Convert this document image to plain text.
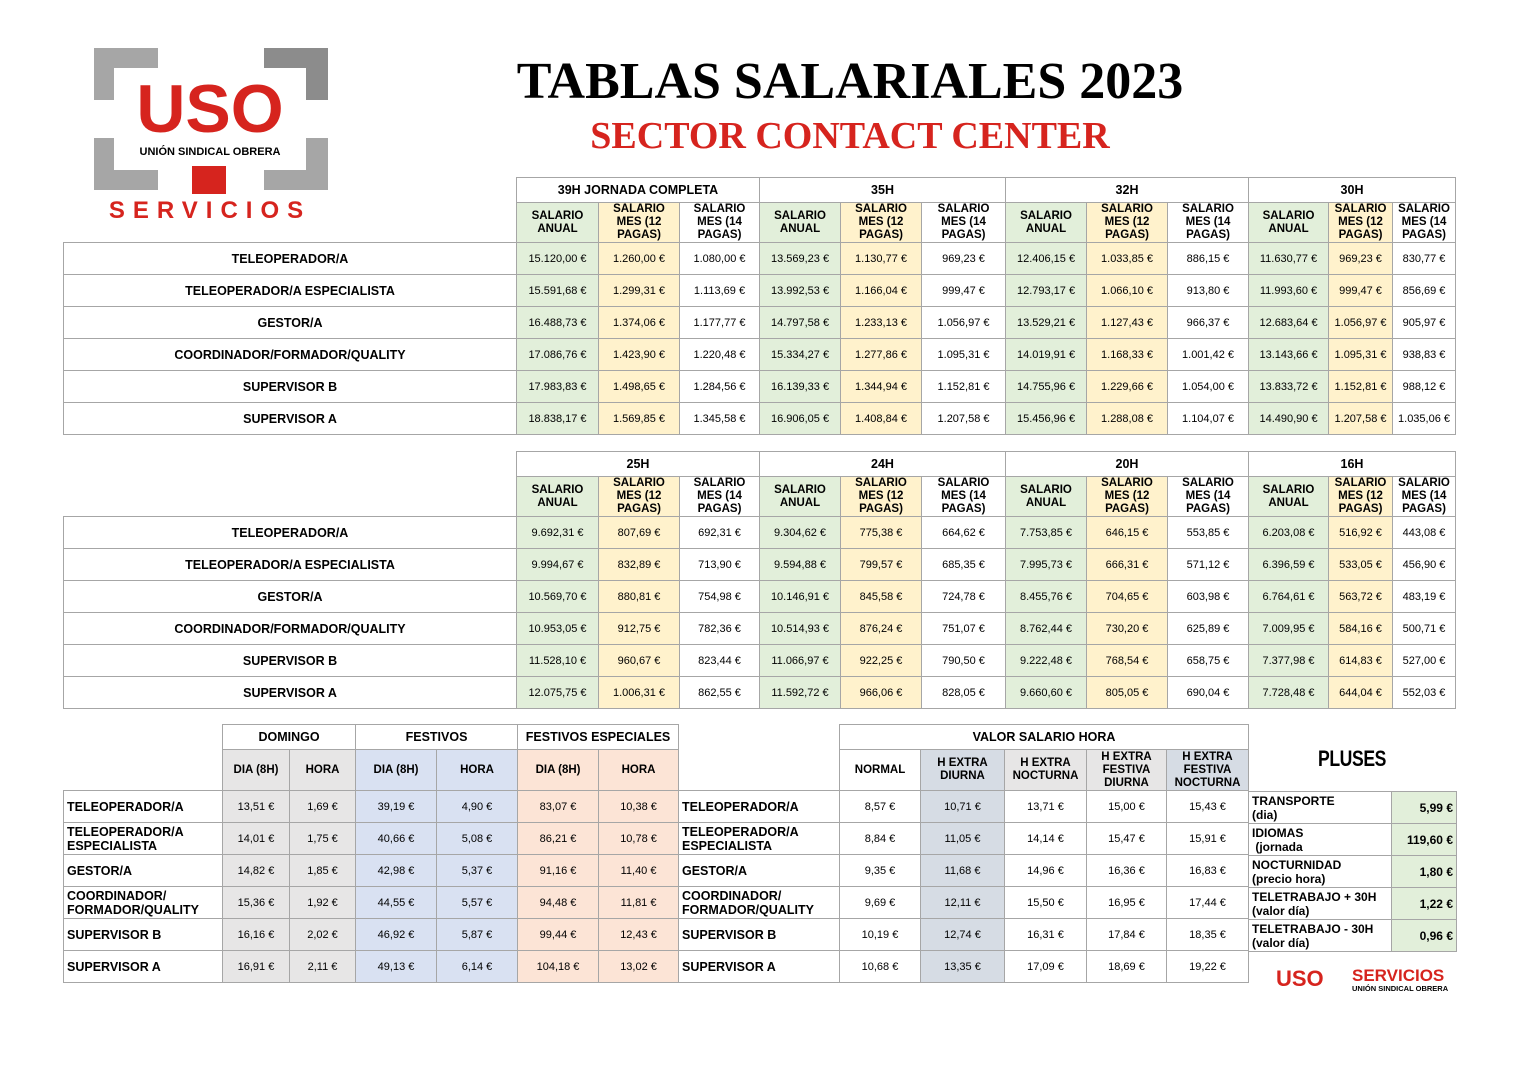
USO
UNIÓN SINDICAL OBRERA
SERVICIOS
TABLAS SALARIALES 2023
SECTOR CONTACT CENTER
	39H JORNADA COMPLETA			35H			32H			30H		
	SALARIO ANUAL	SALARIO MES (12 PAGAS)	SALARIO MES (14 PAGAS)	SALARIO ANUAL	SALARIO MES (12 PAGAS)	SALARIO MES (14 PAGAS)	SALARIO ANUAL	SALARIO MES (12 PAGAS)	SALARIO MES (14 PAGAS)	SALARIO ANUAL	SALARIO MES (12 PAGAS)	SALARIO MES (14 PAGAS)
TELEOPERADOR/A	15.120,00 €	1.260,00 €	1.080,00 €	13.569,23 €	1.130,77 €	969,23 €	12.406,15 €	1.033,85 €	886,15 €	11.630,77 €	969,23 €	830,77 €
TELEOPERADOR/A ESPECIALISTA	15.591,68 €	1.299,31 €	1.113,69 €	13.992,53 €	1.166,04 €	999,47 €	12.793,17 €	1.066,10 €	913,80 €	11.993,60 €	999,47 €	856,69 €
GESTOR/A	16.488,73 €	1.374,06 €	1.177,77 €	14.797,58 €	1.233,13 €	1.056,97 €	13.529,21 €	1.127,43 €	966,37 €	12.683,64 €	1.056,97 €	905,97 €
COORDINADOR/FORMADOR/QUALITY	17.086,76 €	1.423,90 €	1.220,48 €	15.334,27 €	1.277,86 €	1.095,31 €	14.019,91 €	1.168,33 €	1.001,42 €	13.143,66 €	1.095,31 €	938,83 €
SUPERVISOR B	17.983,83 €	1.498,65 €	1.284,56 €	16.139,33 €	1.344,94 €	1.152,81 €	14.755,96 €	1.229,66 €	1.054,00 €	13.833,72 €	1.152,81 €	988,12 €
SUPERVISOR A	18.838,17 €	1.569,85 €	1.345,58 €	16.906,05 €	1.408,84 €	1.207,58 €	15.456,96 €	1.288,08 €	1.104,07 €	14.490,90 €	1.207,58 €	1.035,06 €
	25H			24H			20H			16H		
	SALARIO ANUAL	SALARIO MES (12 PAGAS)	SALARIO MES (14 PAGAS)	SALARIO ANUAL	SALARIO MES (12 PAGAS)	SALARIO MES (14 PAGAS)	SALARIO ANUAL	SALARIO MES (12 PAGAS)	SALARIO MES (14 PAGAS)	SALARIO ANUAL	SALARIO MES (12 PAGAS)	SALARIO MES (14 PAGAS)
TELEOPERADOR/A	9.692,31 €	807,69 €	692,31 €	9.304,62 €	775,38 €	664,62 €	7.753,85 €	646,15 €	553,85 €	6.203,08 €	516,92 €	443,08 €
TELEOPERADOR/A ESPECIALISTA	9.994,67 €	832,89 €	713,90 €	9.594,88 €	799,57 €	685,35 €	7.995,73 €	666,31 €	571,12 €	6.396,59 €	533,05 €	456,90 €
GESTOR/A	10.569,70 €	880,81 €	754,98 €	10.146,91 €	845,58 €	724,78 €	8.455,76 €	704,65 €	603,98 €	6.764,61 €	563,72 €	483,19 €
COORDINADOR/FORMADOR/QUALITY	10.953,05 €	912,75 €	782,36 €	10.514,93 €	876,24 €	751,07 €	8.762,44 €	730,20 €	625,89 €	7.009,95 €	584,16 €	500,71 €
SUPERVISOR B	11.528,10 €	960,67 €	823,44 €	11.066,97 €	922,25 €	790,50 €	9.222,48 €	768,54 €	658,75 €	7.377,98 €	614,83 €	527,00 €
SUPERVISOR A	12.075,75 €	1.006,31 €	862,55 €	11.592,72 €	966,06 €	828,05 €	9.660,60 €	805,05 €	690,04 €	7.728,48 €	644,04 €	552,03 €
	DOMINGO		FESTIVOS		FESTIVOS ESPECIALES	
	DIA (8H)	HORA	DIA (8H)	HORA	DIA (8H)	HORA
TELEOPERADOR/A	13,51 €	1,69 €	39,19 €	4,90 €	83,07 €	10,38 €
TELEOPERADOR/A ESPECIALISTA	14,01 €	1,75 €	40,66 €	5,08 €	86,21 €	10,78 €
GESTOR/A	14,82 €	1,85 €	42,98 €	5,37 €	91,16 €	11,40 €
COORDINADOR/ FORMADOR/QUALITY	15,36 €	1,92 €	44,55 €	5,57 €	94,48 €	11,81 €
SUPERVISOR B	16,16 €	2,02 €	46,92 €	5,87 €	99,44 €	12,43 €
SUPERVISOR A	16,91 €	2,11 €	49,13 €	6,14 €	104,18 €	13,02 €
	VALOR SALARIO HORA				
	NORMAL	H EXTRA DIURNA	H EXTRA NOCTURNA	H EXTRA FESTIVA DIURNA	H EXTRA FESTIVA NOCTURNA
TELEOPERADOR/A	8,57 €	10,71 €	13,71 €	15,00 €	15,43 €
TELEOPERADOR/A ESPECIALISTA	8,84 €	11,05 €	14,14 €	15,47 €	15,91 €
GESTOR/A	9,35 €	11,68 €	14,96 €	16,36 €	16,83 €
COORDINADOR/ FORMADOR/QUALITY	9,69 €	12,11 €	15,50 €	16,95 €	17,44 €
SUPERVISOR B	10,19 €	12,74 €	16,31 €	17,84 €	18,35 €
SUPERVISOR A	10,68 €	13,35 €	17,09 €	18,69 €	19,22 €
PLUSES
TRANSPORTE
(dia)	5,99 €

IDIOMAS
(jornada	119,60 €

NOCTURNIDAD
(precio hora)	1,80 €

TELETRABAJO + 30H
(valor día)	1,22 €

TELETRABAJO - 30H
(valor día)	0,96 €
USO SERVICIOS
UNIÓN SINDICAL OBRERA
